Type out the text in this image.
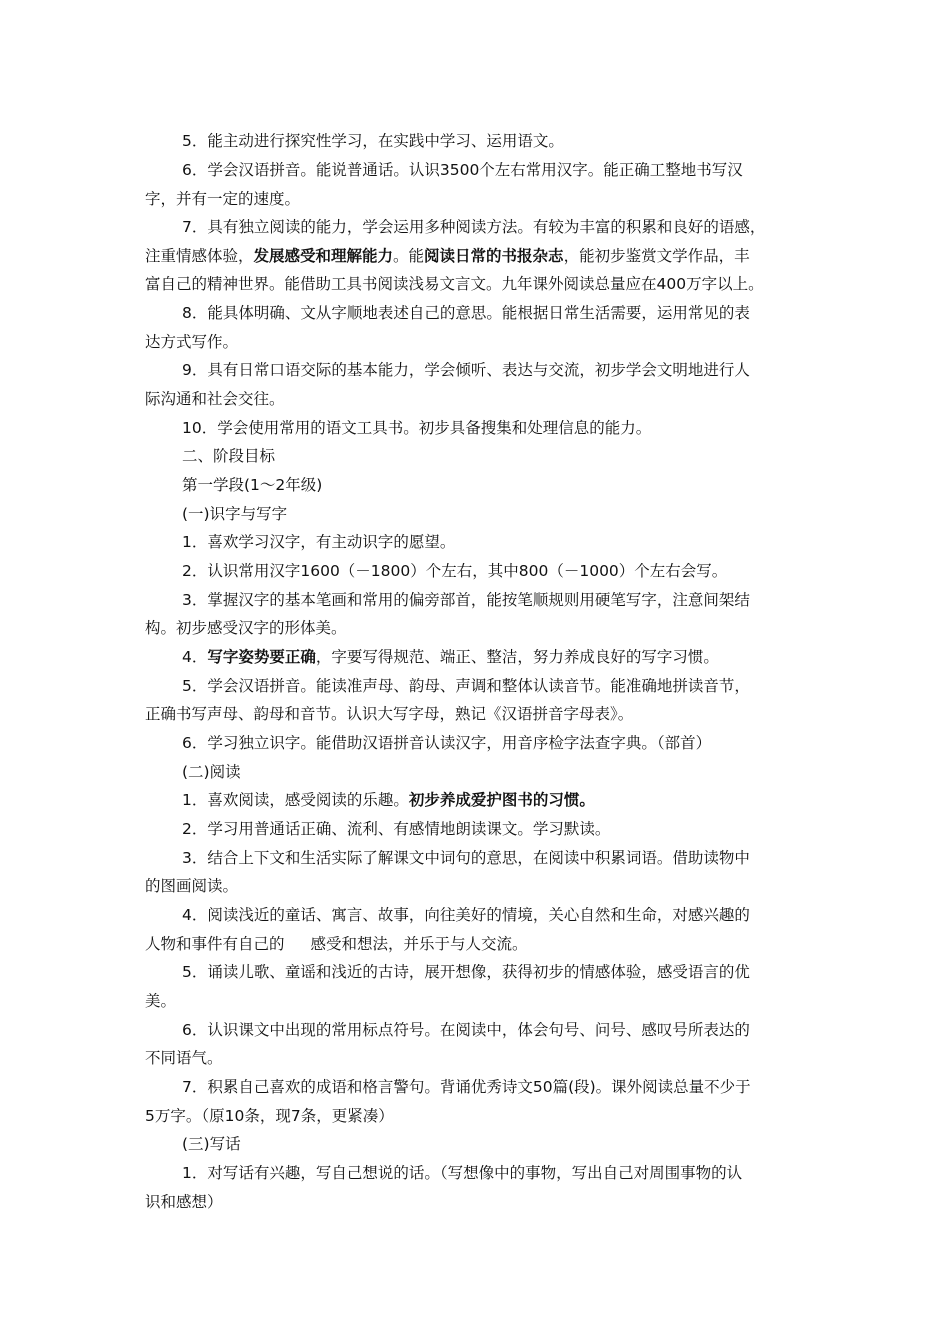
5．能主动进行探究性学习，在实践中学习、运用语文。
6．学会汉语拼音。能说普通话。认识3500个左右常用汉字。能正确工整地书写汉
字，并有一定的速度。
7．具有独立阅读的能力，学会运用多种阅读方法。有较为丰富的积累和良好的语感，
注重情感体验，发展感受和理解能力。能阅读日常的书报杂志，能初步鉴赏文学作品，丰
富自己的精神世界。能借助工具书阅读浅易文言文。九年课外阅读总量应在400万字以上。
8．能具体明确、文从字顺地表述自己的意思。能根据日常生活需要，运用常见的表
达方式写作。
9．具有日常口语交际的基本能力，学会倾听、表达与交流，初步学会文明地进行人
际沟通和社会交往。
10．学会使用常用的语文工具书。初步具备搜集和处理信息的能力。
二、阶段目标
第一学段(1～2年级)
(一)识字与写字
1．喜欢学习汉字，有主动识字的愿望。
2．认识常用汉字1600（－1800）个左右，其中800（－1000）个左右会写。
3．掌握汉字的基本笔画和常用的偏旁部首，能按笔顺规则用硬笔写字，注意间架结
构。初步感受汉字的形体美。
4．写字姿势要正确，字要写得规范、端正、整洁，努力养成良好的写字习惯。
5．学会汉语拼音。能读准声母、韵母、声调和整体认读音节。能准确地拼读音节，
正确书写声母、韵母和音节。认识大写字母，熟记《汉语拼音字母表》。
6．学习独立识字。能借助汉语拼音认读汉字，用音序检字法查字典。（部首）
(二)阅读
1．喜欢阅读，感受阅读的乐趣。初步养成爱护图书的习惯。
2．学习用普通话正确、流利、有感情地朗读课文。学习默读。
3．结合上下文和生活实际了解课文中词句的意思，在阅读中积累词语。借助读物中
的图画阅读。
4．阅读浅近的童话、寓言、故事，向往美好的情境，关心自然和生命，对感兴趣的
人物和事件有自己的 感受和想法，并乐于与人交流。
5．诵读儿歌、童谣和浅近的古诗，展开想像，获得初步的情感体验，感受语言的优
美。
6．认识课文中出现的常用标点符号。在阅读中，体会句号、问号、感叹号所表达的
不同语气。
7．积累自己喜欢的成语和格言警句。背诵优秀诗文50篇(段)。课外阅读总量不少于
5万字。（原10条，现7条，更紧凑）
(三)写话
1．对写话有兴趣，写自己想说的话。（写想像中的事物，写出自己对周围事物的认
识和感想）
